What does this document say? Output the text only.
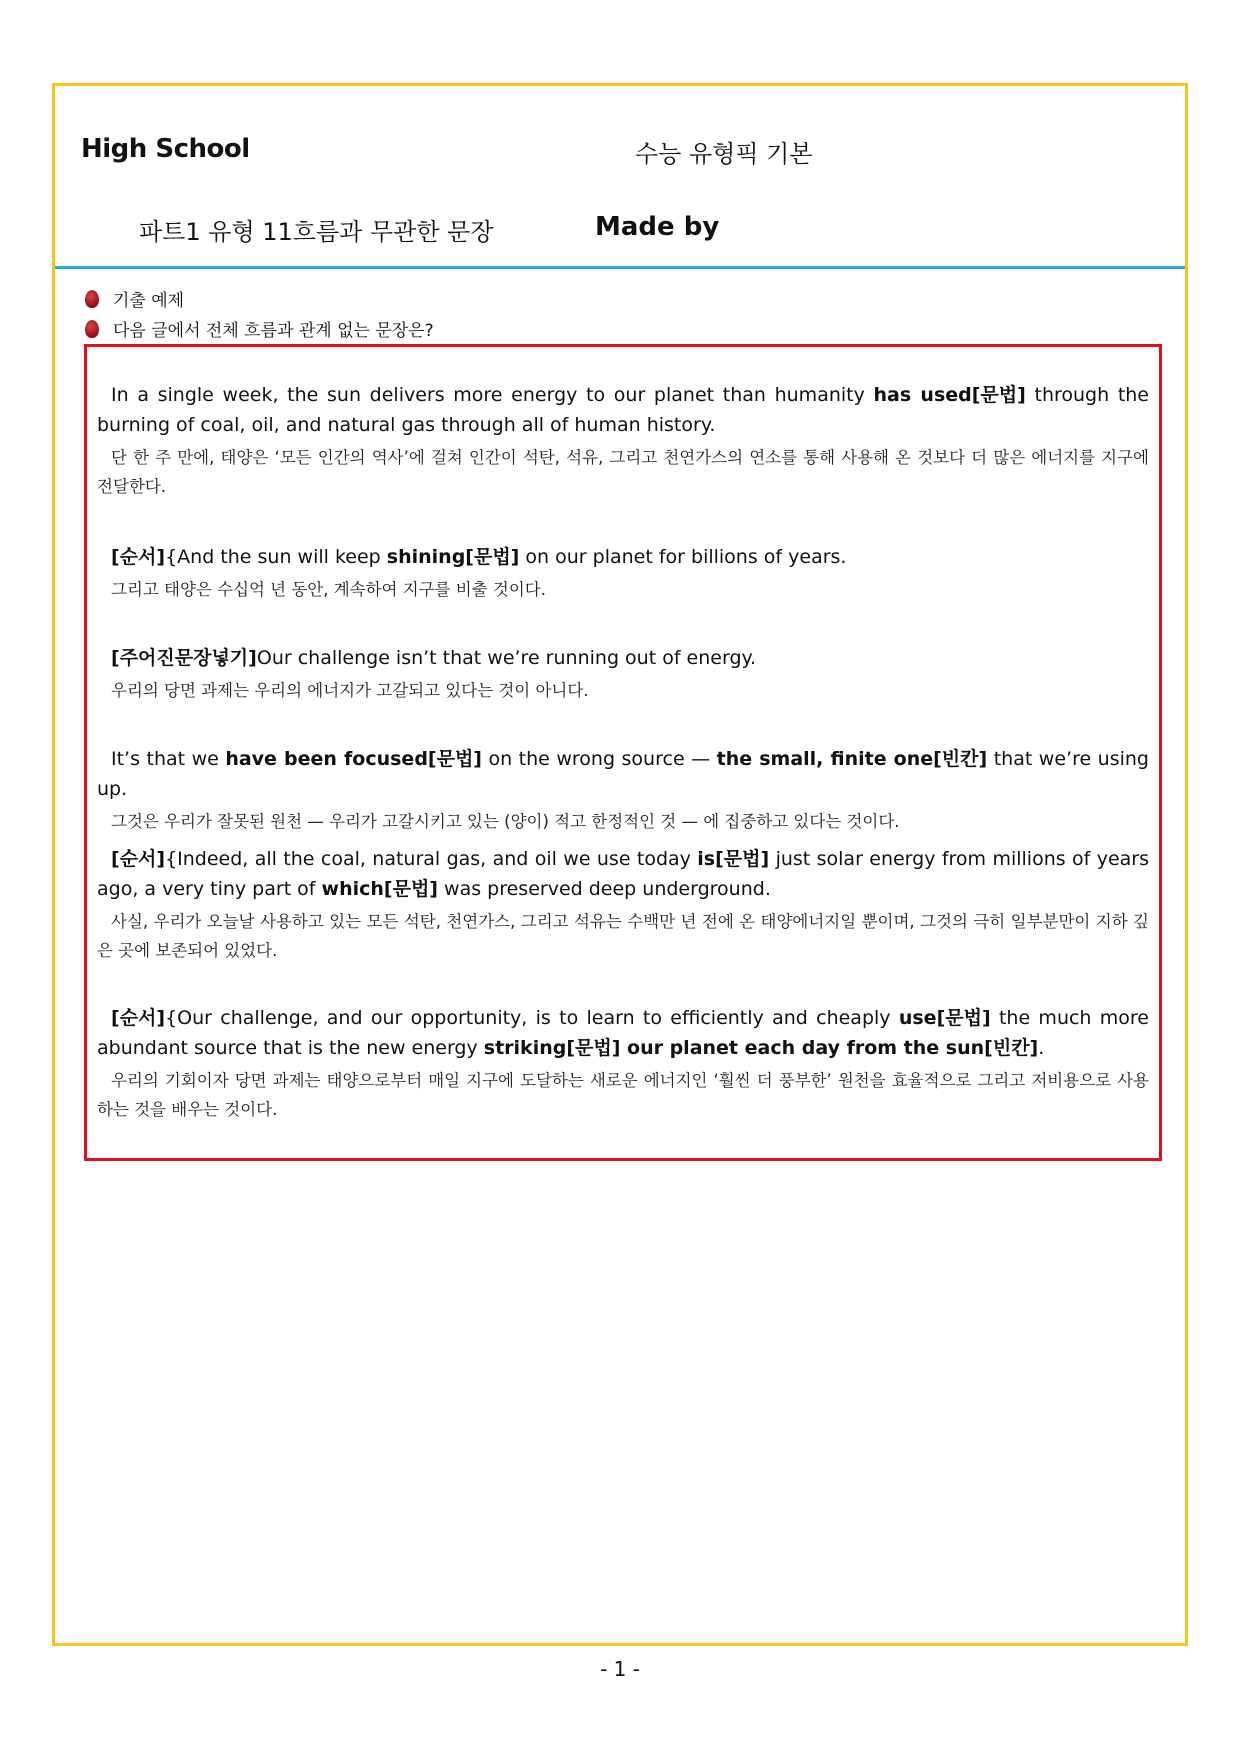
High School	수능 유형픽 기본
파트1 유형 11흐름과 무관한 문장	Made by
기출 예제
다음 글에서 전체 흐름과 관계 없는 문장은?

In a single week, the sun delivers more energy to our planet than humanity has used[문법] through the burning of coal, oil, and natural gas through all of human history.

단 한 주 만에, 태양은 ‘모든 인간의 역사’에 걸쳐 인간이 석탄, 석유, 그리고 천연가스의 연소를 통해 사용해 온 것보다 더 많은 에너지를 지구에 전달한다.

[순서]{And the sun will keep shining[문법] on our planet for billions of years.

그리고 태양은 수십억 년 동안, 계속하여 지구를 비출 것이다.

[주어진문장넣기]Our challenge isn’t that we’re running out of energy.

우리의 당면 과제는 우리의 에너지가 고갈되고 있다는 것이 아니다.

It’s that we have been focused[문법] on the wrong source — the small, finite one[빈칸] that we’re using up.

그것은 우리가 잘못된 원천 — 우리가 고갈시키고 있는 (양이) 적고 한정적인 것 — 에 집중하고 있다는 것이다.

[순서]{Indeed, all the coal, natural gas, and oil we use today is[문법] just solar energy from millions of years ago, a very tiny part of which[문법] was preserved deep underground.

사실, 우리가 오늘날 사용하고 있는 모든 석탄, 천연가스, 그리고 석유는 수백만 년 전에 온 태양에너지일 뿐이며, 그것의 극히 일부분만이 지하 깊은 곳에 보존되어 있었다.

[순서]{Our challenge, and our opportunity, is to learn to efficiently and cheaply use[문법] the much more abundant source that is the new energy striking[문법] our planet each day from the sun[빈칸].

우리의 기회이자 당면 과제는 태양으로부터 매일 지구에 도달하는 새로운 에너지인 ‘훨씬 더 풍부한’ 원천을 효율적으로 그리고 저비용으로 사용하는 것을 배우는 것이다.

- 1 -
